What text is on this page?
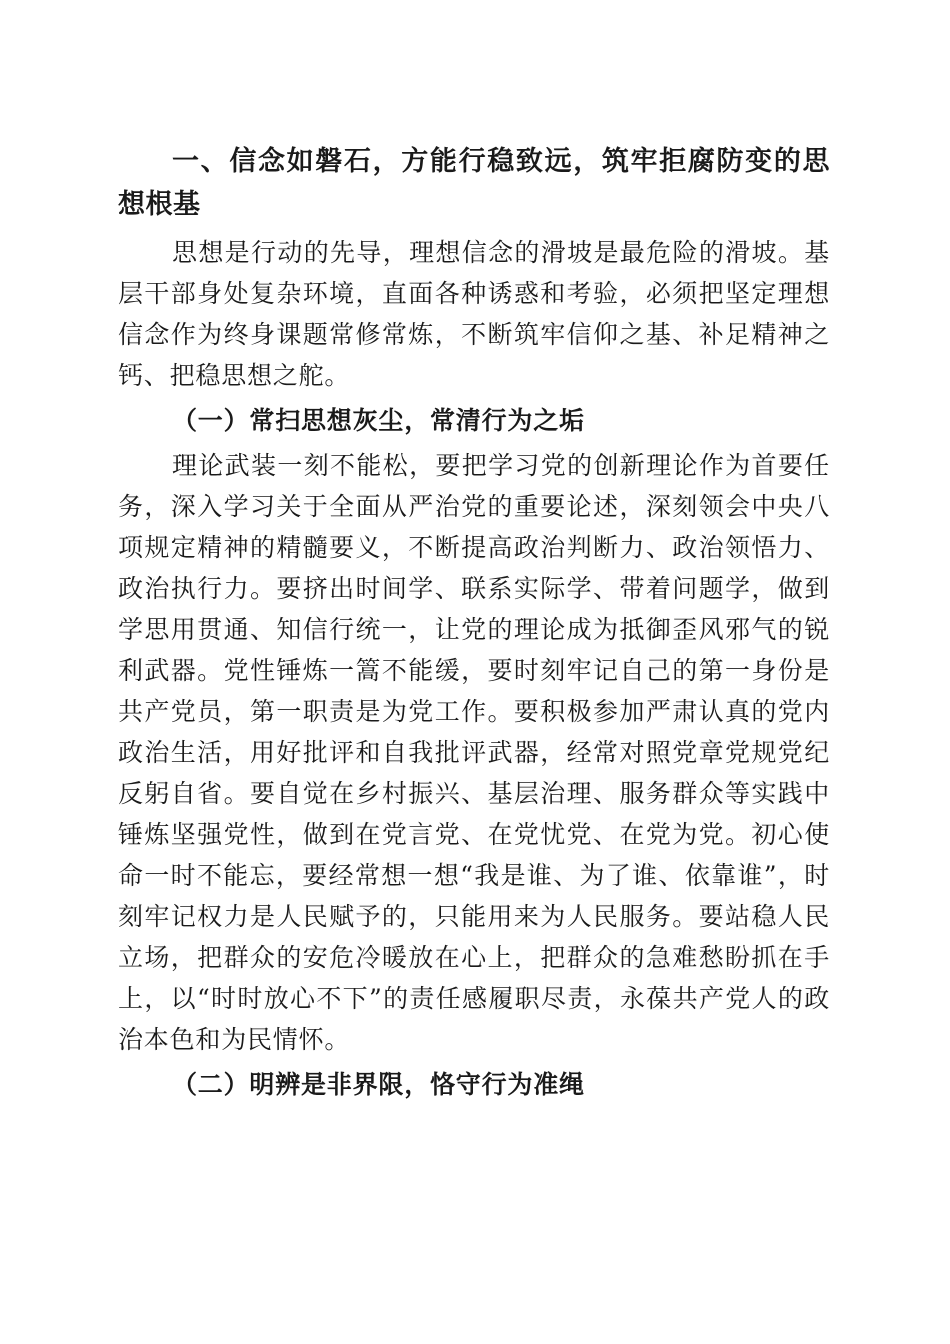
一、信念如磐石，方能行稳致远，筑牢拒腐防变的思想根基

思想是行动的先导，理想信念的滑坡是最危险的滑坡。基层干部身处复杂环境，直面各种诱惑和考验，必须把坚定理想信念作为终身课题常修常炼，不断筑牢信仰之基、补足精神之钙、把稳思想之舵。

（一）常扫思想灰尘，常清行为之垢

理论武装一刻不能松，要把学习党的创新理论作为首要任务，深入学习关于全面从严治党的重要论述，深刻领会中央八项规定精神的精髓要义，不断提高政治判断力、政治领悟力、政治执行力。要挤出时间学、联系实际学、带着问题学，做到学思用贯通、知信行统一，让党的理论成为抵御歪风邪气的锐利武器。党性锤炼一篙不能缓，要时刻牢记自己的第一身份是共产党员，第一职责是为党工作。要积极参加严肃认真的党内政治生活，用好批评和自我批评武器，经常对照党章党规党纪反躬自省。要自觉在乡村振兴、基层治理、服务群众等实践中锤炼坚强党性，做到在党言党、在党忧党、在党为党。初心使命一时不能忘，要经常想一想“我是谁、为了谁、依靠谁”，时刻牢记权力是人民赋予的，只能用来为人民服务。要站稳人民立场，把群众的安危冷暖放在心上，把群众的急难愁盼抓在手上，以“时时放心不下”的责任感履职尽责，永葆共产党人的政治本色和为民情怀。

（二）明辨是非界限，恪守行为准绳
